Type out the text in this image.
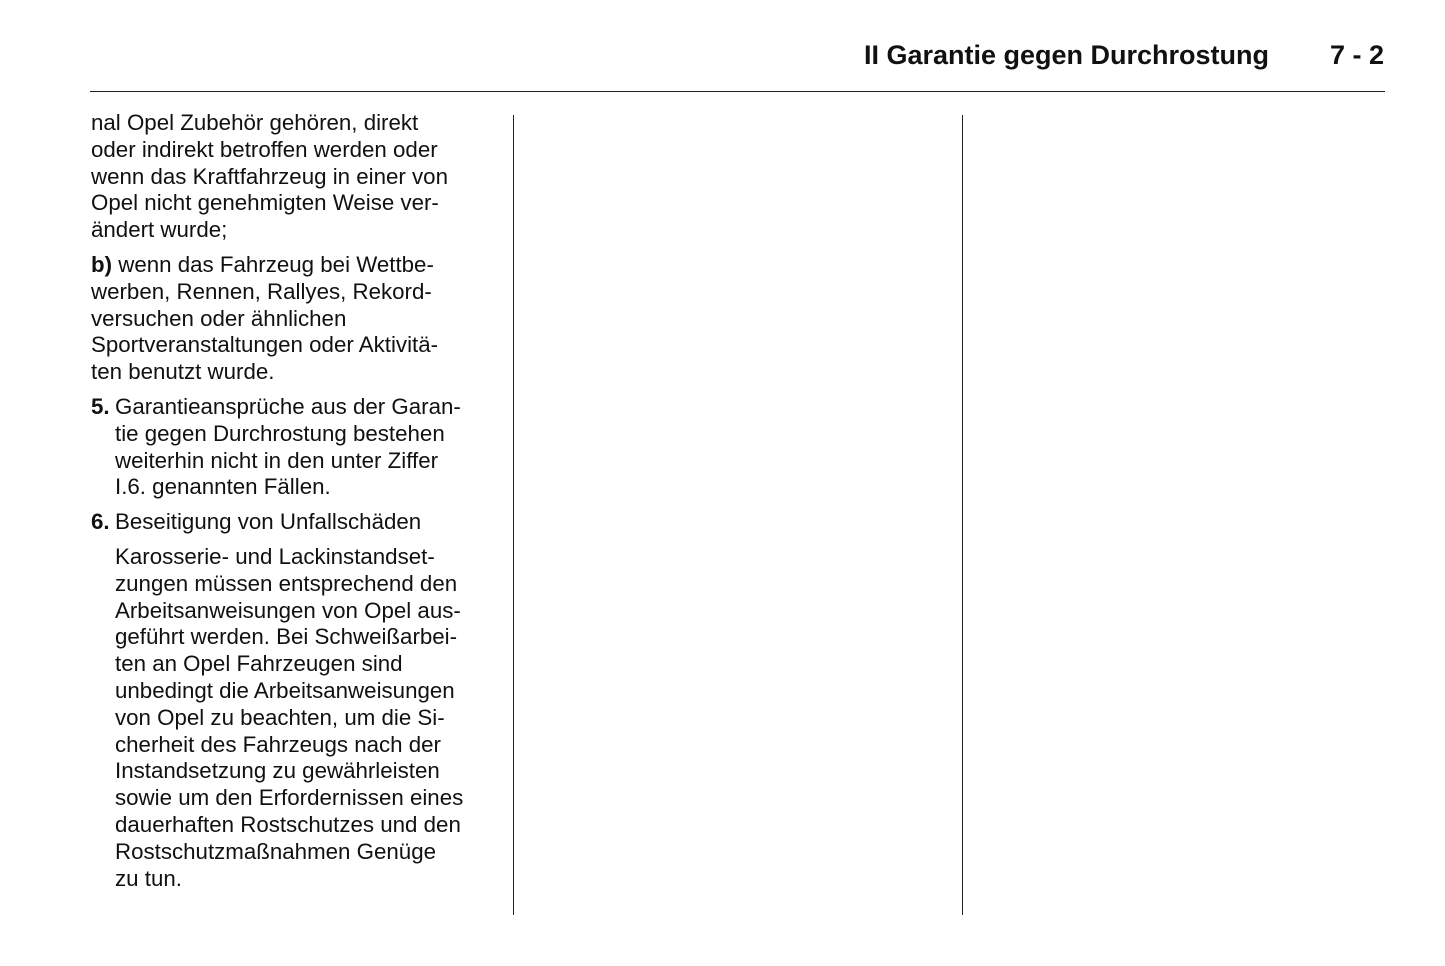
II Garantie gegen Durchrostung 7 - 2
nal Opel Zubehör gehören, direkt
oder indirekt betroffen werden oder
wenn das Kraftfahrzeug in einer von
Opel nicht genehmigten Weise ver-
ändert wurde;
b) wenn das Fahrzeug bei Wettbe-
werben, Rennen, Rallyes, Rekord-
versuchen oder ähnlichen
Sportveranstaltungen oder Aktivitä-
ten benutzt wurde.
5. Garantieansprüche aus der Garan-
tie gegen Durchrostung bestehen
weiterhin nicht in den unter Ziffer
I.6. genannten Fällen.
6. Beseitigung von Unfallschäden
Karosserie- und Lackinstandset-
zungen müssen entsprechend den
Arbeitsanweisungen von Opel aus-
geführt werden. Bei Schweißarbei-
ten an Opel Fahrzeugen sind
unbedingt die Arbeitsanweisungen
von Opel zu beachten, um die Si-
cherheit des Fahrzeugs nach der
Instandsetzung zu gewährleisten
sowie um den Erfordernissen eines
dauerhaften Rostschutzes und den
Rostschutzmaßnahmen Genüge
zu tun.
